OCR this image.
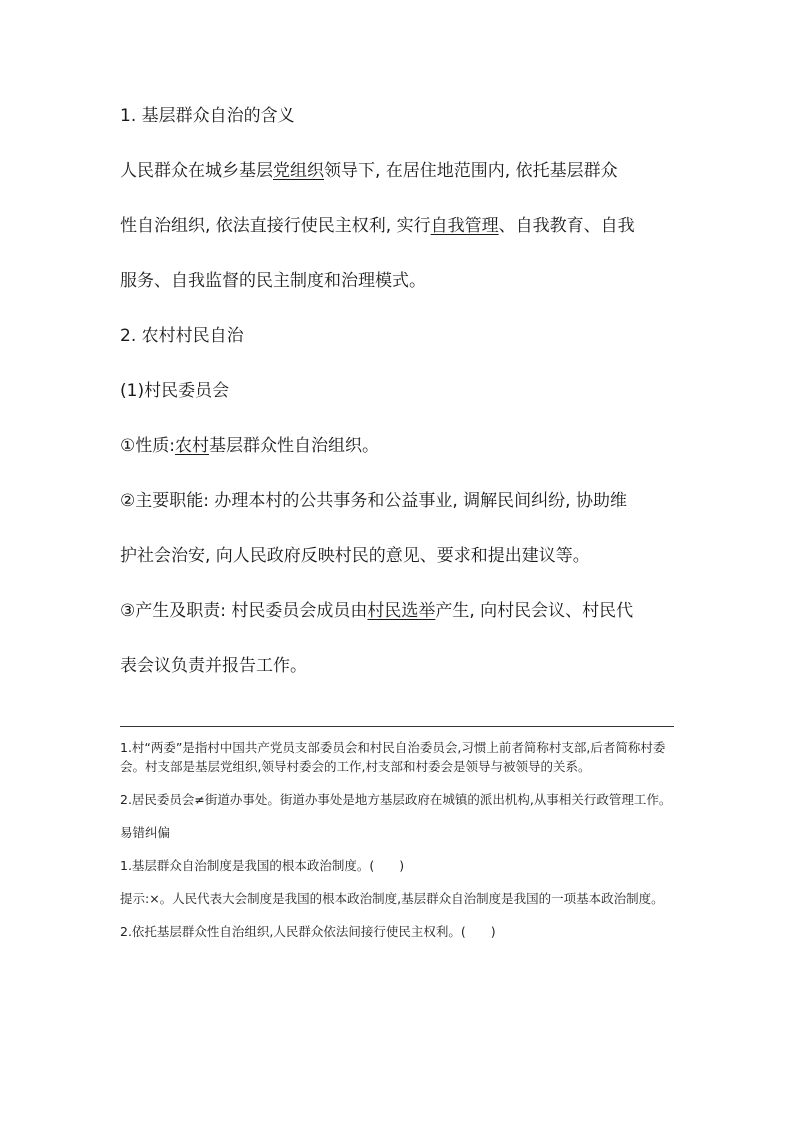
1. 基层群众自治的含义

人民群众在城乡基层党组织领导下, 在居住地范围内, 依托基层群众

性自治组织, 依法直接行使民主权利, 实行自我管理、自我教育、自我

服务、自我监督的民主制度和治理模式。

2. 农村村民自治

(1)村民委员会

①性质:农村基层群众性自治组织。

②主要职能: 办理本村的公共事务和公益事业, 调解民间纠纷, 协助维

护社会治安, 向人民政府反映村民的意见、要求和提出建议等。

③产生及职责: 村民委员会成员由村民选举产生, 向村民会议、村民代

表会议负责并报告工作。

1.村“两委”是指村中国共产党员支部委员会和村民自治委员会,习惯上前者简称村支部,后者简称村委会。村支部是基层党组织,领导村委会的工作,村支部和村委会是领导与被领导的关系。

2.居民委员会≠街道办事处。街道办事处是地方基层政府在城镇的派出机构,从事相关行政管理工作。

易错纠偏

1.基层群众自治制度是我国的根本政治制度。(　　)

提示:×。人民代表大会制度是我国的根本政治制度,基层群众自治制度是我国的一项基本政治制度。

2.依托基层群众性自治组织,人民群众依法间接行使民主权利。(　　)
